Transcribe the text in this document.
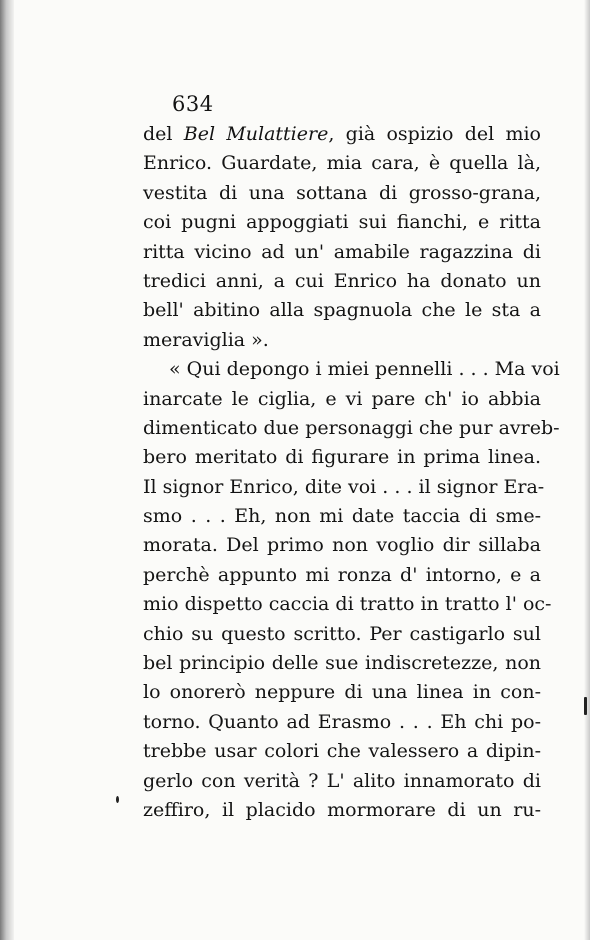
634
del Bel Mulattiere, già ospizio del mio
Enrico. Guardate, mia cara, è quella là,
vestita di una sottana di grosso-grana,
coi pugni appoggiati sui fianchi, e ritta
ritta vicino ad un' amabile ragazzina di
tredici anni, a cui Enrico ha donato un
bell' abitino alla spagnuola che le sta a
meraviglia ».
« Qui depongo i miei pennelli . . . Ma voi
inarcate le ciglia, e vi pare ch' io abbia
dimenticato due personaggi che pur avreb-
bero meritato di figurare in prima linea.
Il signor Enrico, dite voi . . . il signor Era-
smo . . . Eh, non mi date taccia di sme-
morata. Del primo non voglio dir sillaba
perchè appunto mi ronza d' intorno, e a
mio dispetto caccia di tratto in tratto l' oc-
chio su questo scritto. Per castigarlo sul
bel principio delle sue indiscretezze, non
lo onorerò neppure di una linea in con-
torno. Quanto ad Erasmo . . . Eh chi po-
trebbe usar colori che valessero a dipin-
gerlo con verità ? L' alito innamorato di
zeffiro, il placido mormorare di un ru-
